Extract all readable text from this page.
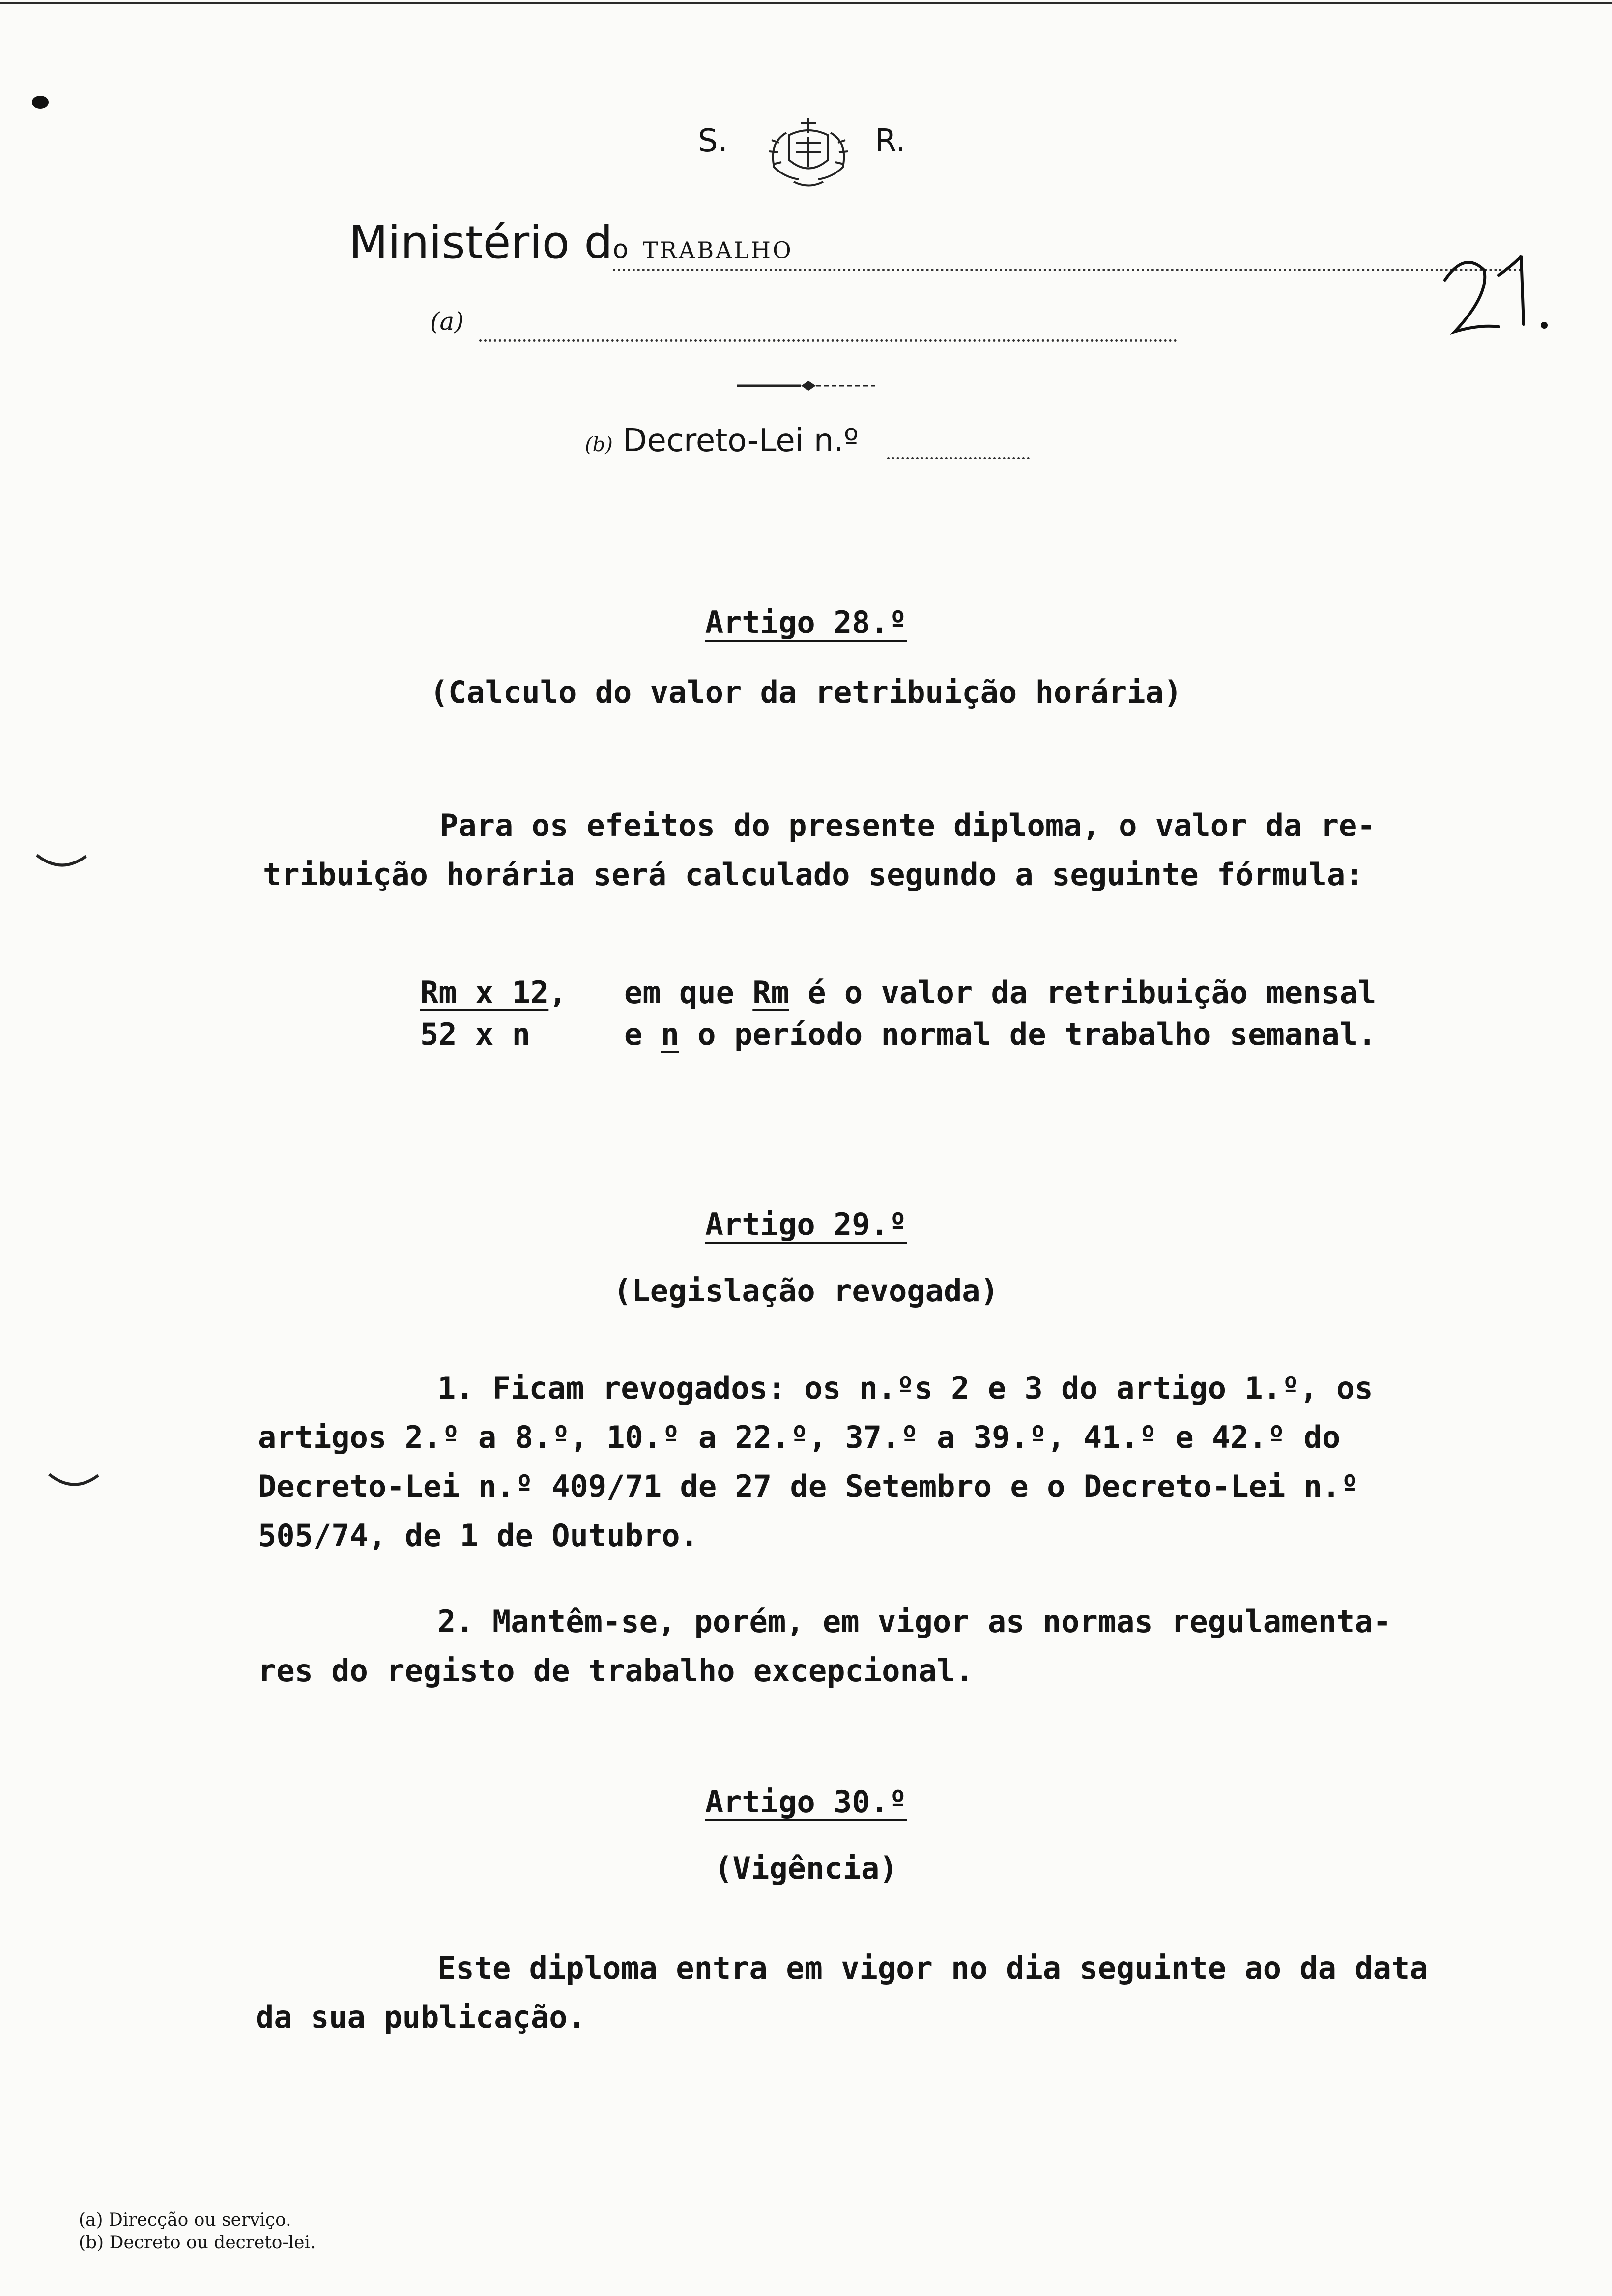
S.	R.
Ministério do TRABALHO
(a)
(b) Decreto-Lei n.º
Artigo 28.º
(Calculo do valor da retribuição horária)
Para os efeitos do presente diploma, o valor da re-
tribuição horária será calculado segundo a seguinte fórmula:
Rm x 12,
52 x n
em que Rm é o valor da retribuição mensal
e n o período normal de trabalho semanal.
Artigo 29.º
(Legislação revogada)
1. Ficam revogados: os n.ºs 2 e 3 do artigo 1.º, os
artigos 2.º a 8.º, 10.º a 22.º, 37.º a 39.º, 41.º e 42.º do
Decreto-Lei n.º 409/71 de 27 de Setembro e o Decreto-Lei n.º
505/74, de 1 de Outubro.
2. Mantêm-se, porém, em vigor as normas regulamenta-
res do registo de trabalho excepcional.
Artigo 30.º
(Vigência)
Este diploma entra em vigor no dia seguinte ao da data
da sua publicação.
(a) Direcção ou serviço.
(b) Decreto ou decreto-lei.
